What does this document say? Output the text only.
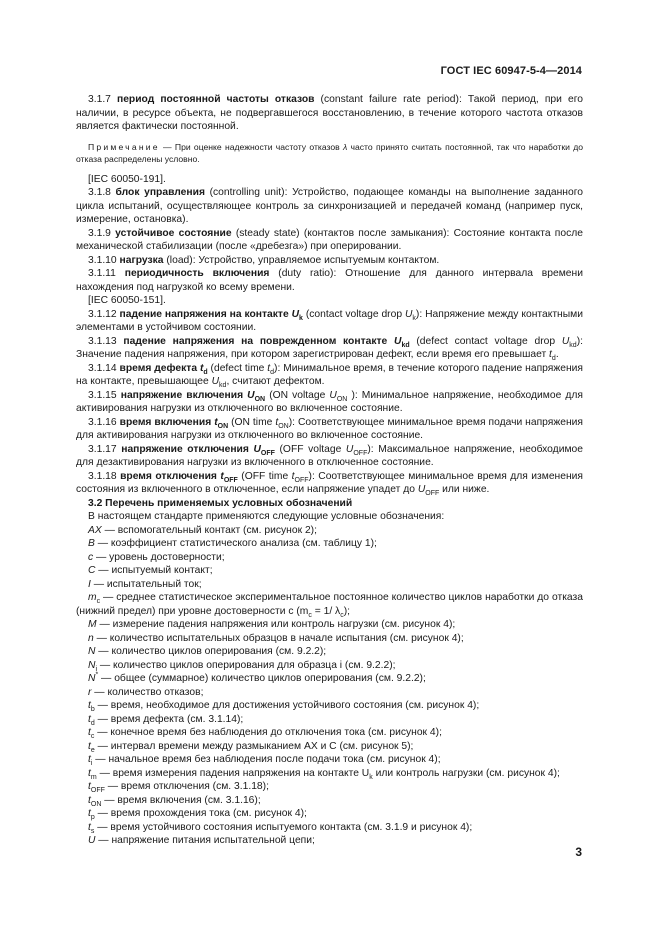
ГОСТ IEC 60947-5-4—2014

3.1.7 период постоянной частоты отказов (constant failure rate period): Такой период, при его наличии, в ресурсе объекта, не подвергавшегося восстановлению, в течение которого частота отказов является фактически постоянной.

Примечание — При оценке надежности частоту отказов λ часто принято считать постоянной, так что наработки до отказа распределены условно.

[IEC 60050-191].

3.1.8 блок управления (controlling unit): Устройство, подающее команды на выполнение заданного цикла испытаний, осуществляющее контроль за синхронизацией и передачей команд (например пуск, измерение, остановка).

3.1.9 устойчивое состояние (steady state) (контактов после замыкания): Состояние контакта после механической стабилизации (после «дребезга») при оперировании.

3.1.10 нагрузка (load): Устройство, управляемое испытуемым контактом.

3.1.11 периодичность включения (duty ratio): Отношение для данного интервала времени нахождения под нагрузкой ко всему времени.

[IEC 60050-151].

3.1.12 падение напряжения на контакте $U_k$ (contact voltage drop $U_k$): Напряжение между контактными элементами в устойчивом состоянии.

3.1.13 падение напряжения на поврежденном контакте $U_{kd}$ (defect contact voltage drop $U_{kd}$): Значение падения напряжения, при котором зарегистрирован дефект, если время его превышает $t_d$.

3.1.14 время дефекта $t_d$ (defect time $t_d$): Минимальное время, в течение которого падение напряжения на контакте, превышающее $U_{kd}$, считают дефектом.

3.1.15 напряжение включения $U_{ON}$ (ON voltage $U_{ON}$ ): Минимальное напряжение, необходимое для активирования нагрузки из отключенного во включенное состояние.

3.1.16 время включения $t_{ON}$ (ON time $t_{ON}$): Соответствующее минимальное время подачи напряжения для активирования нагрузки из отключенного во включенное состояние.

3.1.17 напряжение отключения $U_{OFF}$ (OFF voltage $U_{OFF}$): Максимальное напряжение, необходимое для дезактивирования нагрузки из включенного в отключенное состояние.

3.1.18 время отключения $t_{OFF}$ (OFF time $t_{OFF}$): Соответствующее минимальное время для изменения состояния из включенного в отключенное, если напряжение упадет до $U_{OFF}$ или ниже.

3.2 Перечень применяемых условных обозначений

В настоящем стандарте применяются следующие условные обозначения:

AX — вспомогательный контакт (см. рисунок 2);

B — коэффициент статистического анализа (см. таблицу 1);

c — уровень достоверности;

C — испытуемый контакт;

I — испытательный ток;

$m_c$ — среднее статистическое экспериментальное постоянное количество циклов наработки до отказа (нижний предел) при уровне достоверности c ($m_c = 1/$ $\lambda_c$);

M — измерение падения напряжения или контроль нагрузки (см. рисунок 4);

n — количество испытательных образцов в начале испытания (см. рисунок 4);

N — количество циклов оперирования (см. 9.2.2);

$N_i$ — количество циклов оперирования для образца i (см. 9.2.2);

N* — общее (суммарное) количество циклов оперирования (см. 9.2.2);

r — количество отказов;

$t_b$ — время, необходимое для достижения устойчивого состояния (см. рисунок 4);

$t_d$ — время дефекта (см. 3.1.14);

$t_c$ — конечное время без наблюдения до отключения тока (см. рисунок 4);

$t_e$ — интервал времени между размыканием AX и C (см. рисунок 5);

$t_i$ — начальное время без наблюдения после подачи тока (см. рисунок 4);

$t_m$ — время измерения падения напряжения на контакте $U_k$ или контроль нагрузки (см. рисунок 4);

$t_{OFF}$ — время отключения (см. 3.1.18);

$t_{ON}$ — время включения (см. 3.1.16);

$t_p$ — время прохождения тока (см. рисунок 4);

$t_s$ — время устойчивого состояния испытуемого контакта (см. 3.1.9 и рисунок 4);

U — напряжение питания испытательной цепи;

3
